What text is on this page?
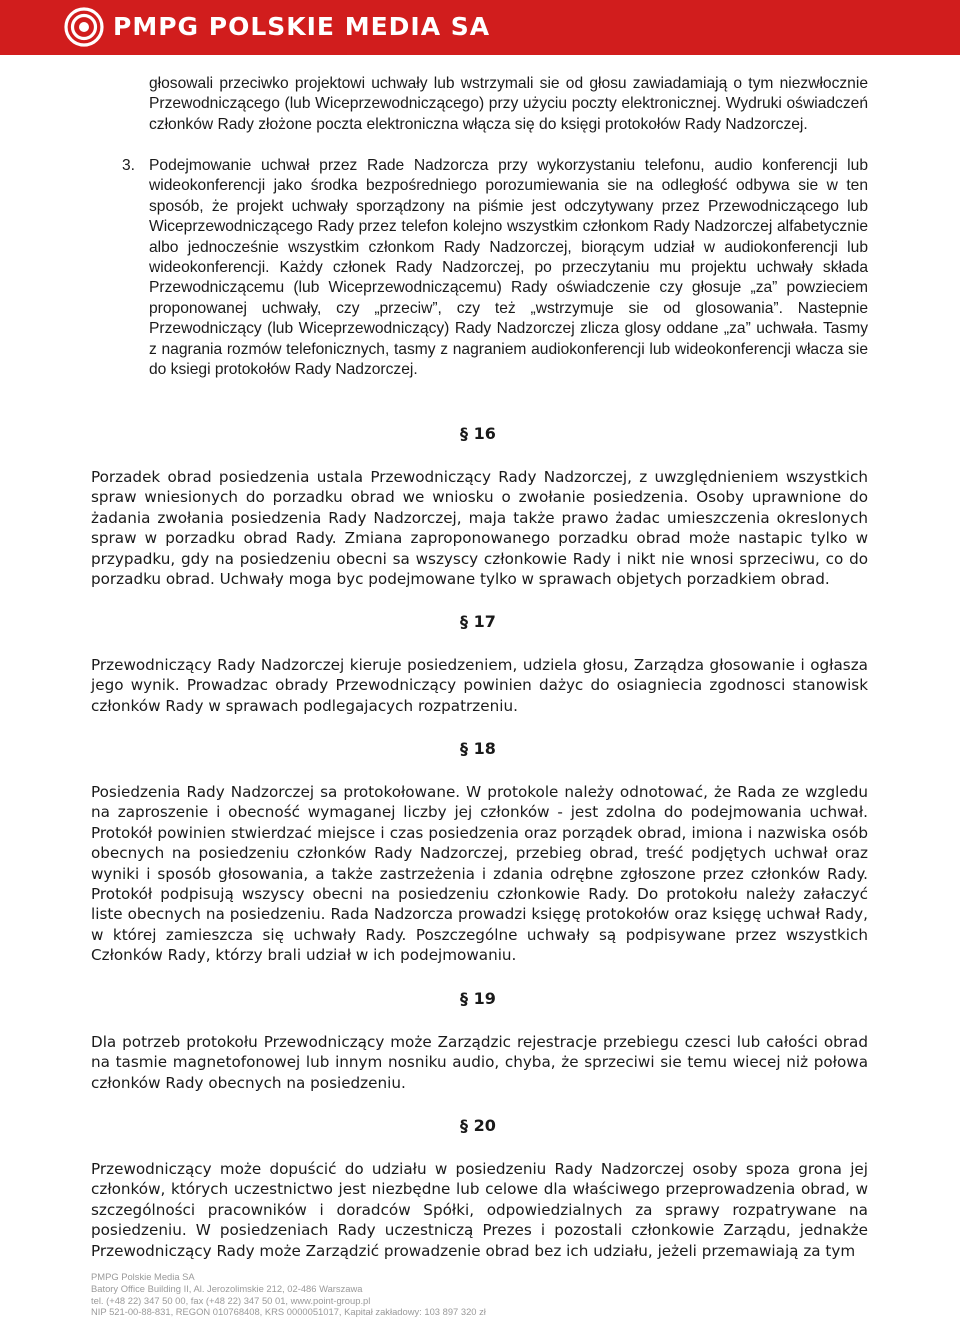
PMPG POLSKIE MEDIA SA

głosowali przeciwko projektowi uchwały lub wstrzymali sie od głosu zawiadamiają o tym niezwłocznie Przewodniczącego (lub Wiceprzewodniczącego) przy użyciu poczty elektronicznej. Wydruki oświadczeń członków Rady złożone poczta elektroniczna włącza się do księgi protokołów Rady Nadzorczej.

3. Podejmowanie uchwał przez Rade Nadzorcza przy wykorzystaniu telefonu, audio konferencji lub wideokonferencji jako środka bezpośredniego porozumiewania sie na odległość odbywa sie w ten sposób, że projekt uchwały sporządzony na piśmie jest odczytywany przez Przewodniczącego lub Wiceprzewodniczącego Rady przez telefon kolejno wszystkim członkom Rady Nadzorczej alfabetycznie albo jednocześnie wszystkim członkom Rady Nadzorczej, biorącym udział w audiokonferencji lub wideokonferencji. Każdy członek Rady Nadzorczej, po przeczytaniu mu projektu uchwały składa Przewodniczącemu (lub Wiceprzewodniczącemu) Rady oświadczenie czy głosuje „za” powzieciem proponowanej uchwały, czy „przeciw”, czy też „wstrzymuje sie od glosowania”. Nastepnie Przewodniczący (lub Wiceprzewodniczący) Rady Nadzorczej zlicza glosy oddane „za” uchwała. Tasmy z nagrania rozmów telefonicznych, tasmy z nagraniem audiokonferencji lub wideokonferencji właczа sie do ksiegi protokołów Rady Nadzorczej.

§ 16

Porzadek obrad posiedzenia ustala Przewodniczący Rady Nadzorczej, z uwzględnieniem wszystkich spraw wniesionych do porzadku obrad we wniosku o zwołanie posiedzenia. Osoby uprawnione do żadania zwołania posiedzenia Rady Nadzorczej, maja także prawo żadac umieszczenia okreslonych spraw w porzadku obrad Rady. Zmiana zaproponowanego porzadku obrad może nastapic tylko w przypadku, gdy na posiedzeniu obecni sa wszyscy członkowie Rady i nikt nie wnosi sprzeciwu, co do porzadku obrad. Uchwały moga byc podejmowane tylko w sprawach objetych porzadkiem obrad.

§ 17

Przewodniczący Rady Nadzorczej kieruje posiedzeniem, udziela głosu, Zarządza głosowanie i ogłasza jego wynik. Prowadzac obrady Przewodniczący powinien dażyc do osiagniecia zgodnosci stanowisk członków Rady w sprawach podlegajacych rozpatrzeniu.

§ 18

Posiedzenia Rady Nadzorczej sa protokołowane. W protokole należy odnotować, że Rada ze wzgledu na zaproszenie i obecność wymaganej liczby jej członków - jest zdolna do podejmowania uchwał. Protokół powinien stwierdzać miejsce i czas posiedzenia oraz porządek obrad, imiona i nazwiska osób obecnych na posiedzeniu członków Rady Nadzorczej, przebieg obrad, treść podjętych uchwał oraz wyniki i sposób głosowania, a także zastrzeżenia i zdania odrębne zgłoszone przez członków Rady. Protokół podpisują wszyscy obecni na posiedzeniu członkowie Rady. Do protokołu należy załaczyć liste obecnych na posiedzeniu. Rada Nadzorcza prowadzi księgę protokołów oraz księgę uchwał Rady, w której zamieszcza się uchwały Rady. Poszczególne uchwały są podpisywane przez wszystkich Członków Rady, którzy brali udział w ich podejmowaniu.

§ 19

Dla potrzeb protokołu Przewodniczący może Zarządzic rejestracje przebiegu czesci lub całości obrad na tasmie magnetofonowej lub innym nosniku audio, chyba, że sprzeciwi sie temu wiecej niż połowa członków Rady obecnych na posiedzeniu.

§ 20

Przewodniczący może dopuścić do udziału w posiedzeniu Rady Nadzorczej osoby spoza grona jej członków, których uczestnictwo jest niezbędne lub celowe dla właściwego przeprowadzenia obrad, w szczególności pracowników i doradców Spółki, odpowiedzialnych za sprawy rozpatrywane na posiedzeniu. W posiedzeniach Rady uczestniczą Prezes i pozostali członkowie Zarządu, jednakże Przewodniczący Rady może Zarządzić prowadzenie obrad bez ich udziału, jeżeli przemawiają za tym

PMPG Polskie Media SA
Batory Office Building II, Al. Jerozolimskie 212, 02-486 Warszawa
tel. (+48 22) 347 50 00, fax (+48 22) 347 50 01, www.point-group.pl
NIP 521-00-88-831, REGON 010768408, KRS 0000051017, Kapitał zakładowy: 103 897 320 zł
